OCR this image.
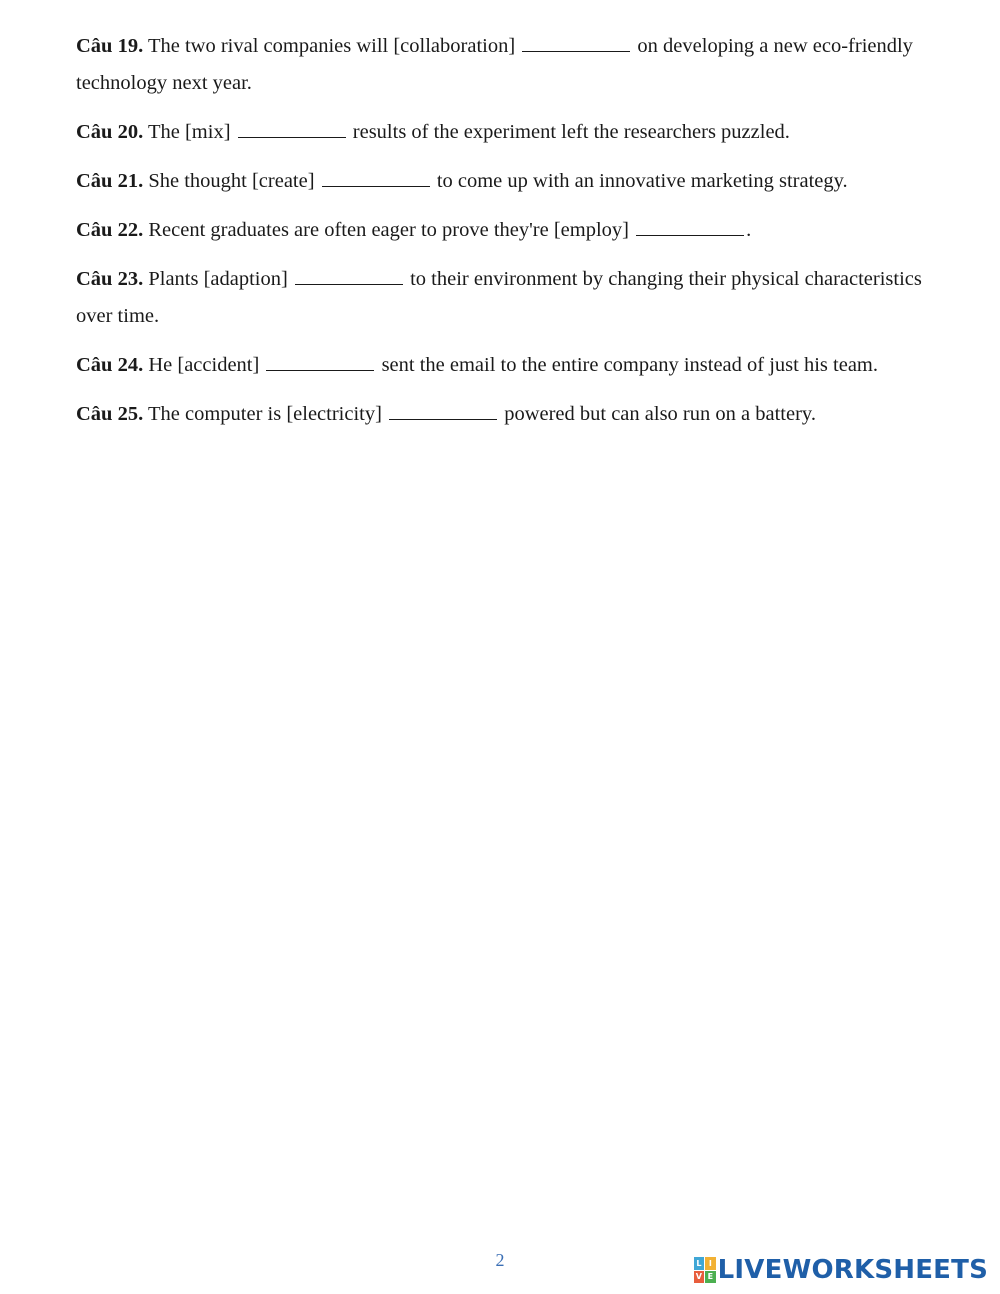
Câu 19. The two rival companies will [collaboration]	on developing a new eco-friendly technology next year.

Câu 20. The [mix]	results of the experiment left the researchers puzzled.

Câu 21. She thought [create]	to come up with an innovative marketing strategy.

Câu 22. Recent graduates are often eager to prove they're [employ]	.

Câu 23. Plants [adaption]	to their environment by changing their physical characteristics over time.

Câu 24. He [accident]	sent the email to the entire company instead of just his team.

Câu 25. The computer is [electricity]	powered but can also run on a battery.

2	L I
V E LIVEWORKSHEETS
